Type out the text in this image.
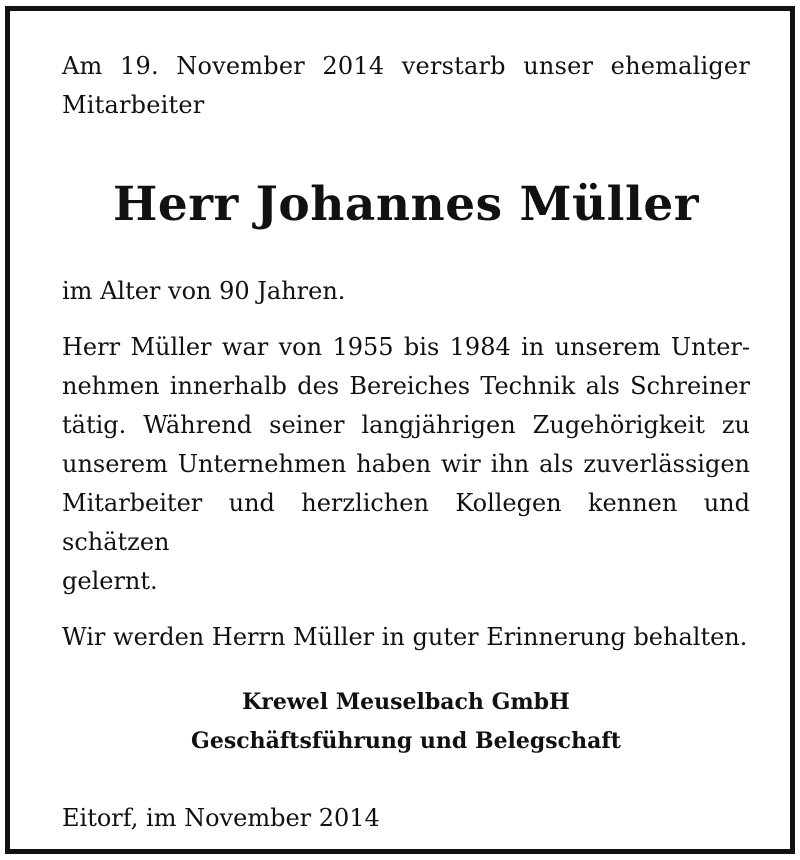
Am 19. November 2014 verstarb unser ehemaliger
Mitarbeiter

Herr Johannes Müller

im Alter von 90 Jahren.

Herr Müller war von 1955 bis 1984 in unserem Unter-
nehmen innerhalb des Bereiches Technik als Schreiner
tätig. Während seiner langjährigen Zugehörigkeit zu
unserem Unternehmen haben wir ihn als zuverlässigen
Mitarbeiter und herzlichen Kollegen kennen und schätzen
gelernt.

Wir werden Herrn Müller in guter Erinnerung behalten.

Krewel Meuselbach GmbH
Geschäftsführung und Belegschaft

Eitorf, im November 2014
